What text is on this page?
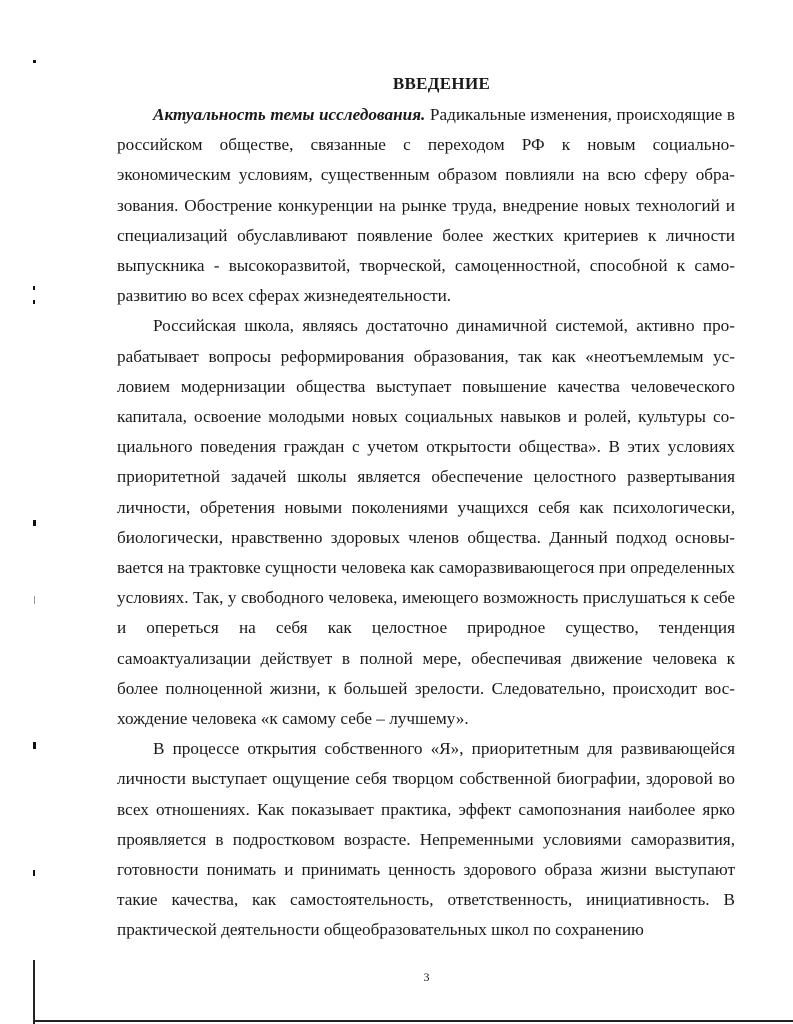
ВВЕДЕНИЕ

Актуальность темы исследования. Радикальные изменения, происходящие в российском обществе, связанные с переходом РФ к новым социально-экономическим условиям, существенным образом повлияли на всю сферу образования. Обострение конкуренции на рынке труда, внедрение новых технологий и специализаций обуславливают появление более жестких критериев к личности выпускника - высокоразвитой, творческой, самоценностной, способной к саморазвитию во всех сферах жизнедеятельности.

Российская школа, являясь достаточно динамичной системой, активно прорабатывает вопросы реформирования образования, так как «неотъемлемым условием модернизации общества выступает повышение качества человеческого капитала, освоение молодыми новых социальных навыков и ролей, культуры социального поведения граждан с учетом открытости общества». В этих условиях приоритетной задачей школы является обеспечение целостного развертывания личности, обретения новыми поколениями учащихся себя как психологически, биологически, нравственно здоровых членов общества. Данный подход основывается на трактовке сущности человека как саморазвивающегося при определенных условиях. Так, у свободного человека, имеющего возможность прислушаться к себе и опереться на себя как целостное природное существо, тенденция самоактуализации действует в полной мере, обеспечивая движение человека к более полноценной жизни, к большей зрелости. Следовательно, происходит восхождение человека «к самому себе – лучшему».

В процессе открытия собственного «Я», приоритетным для развивающейся личности выступает ощущение себя творцом собственной биографии, здоровой во всех отношениях. Как показывает практика, эффект самопознания наиболее ярко проявляется в подростковом возрасте. Непременными условиями саморазвития, готовности понимать и принимать ценность здорового образа жизни выступают такие качества, как самостоятельность, ответственность, инициативность. В практической деятельности общеобразовательных школ по сохранению

3
